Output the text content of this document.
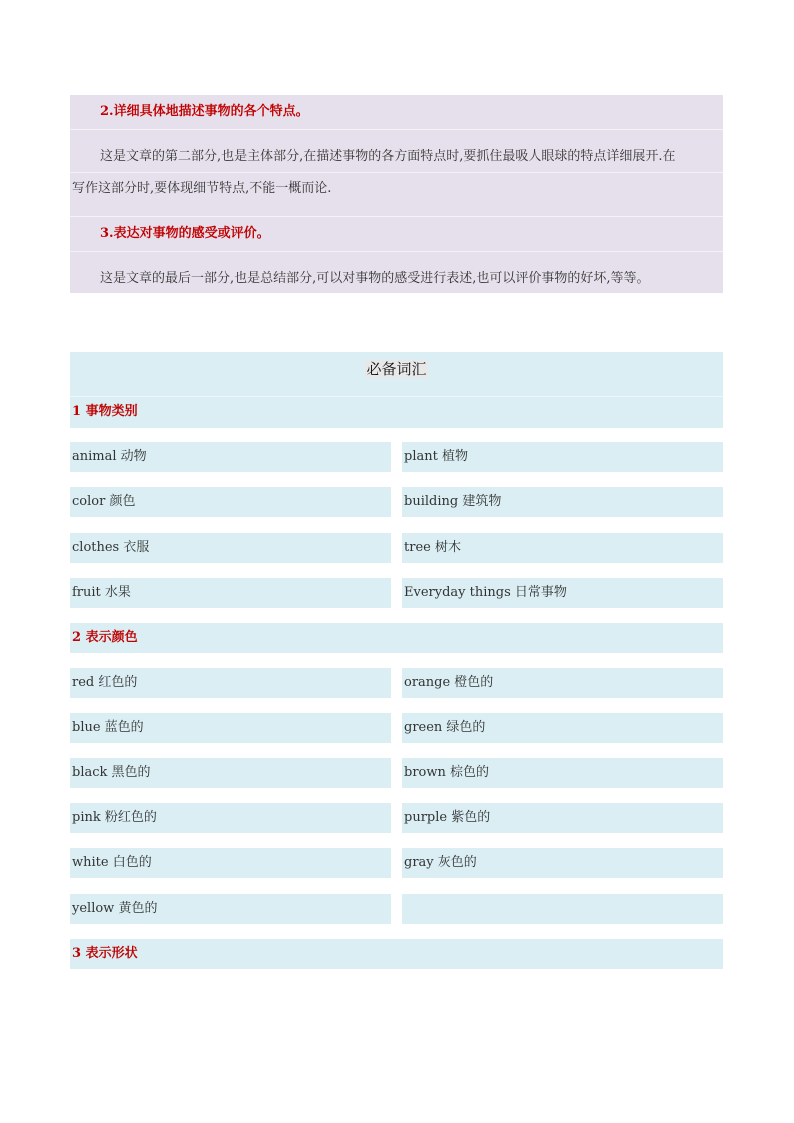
2.详细具体地描述事物的各个特点。
这是文章的第二部分,也是主体部分,在描述事物的各方面特点时,要抓住最吸人眼球的特点详细展开.在
写作这部分时,要体现细节特点,不能一概而论.
3.表达对事物的感受或评价。
这是文章的最后一部分,也是总结部分,可以对事物的感受进行表述,也可以评价事物的好坏,等等。
必备词汇
1 事物类别
animal 动物	plant 植物
color 颜色	building 建筑物
clothes 衣服	tree 树木
fruit 水果	Everyday things 日常事物
2 表示颜色
red 红色的	orange 橙色的
blue 蓝色的	green 绿色的
black 黑色的	brown 棕色的
pink 粉红色的	purple 紫色的
white 白色的	gray 灰色的
yellow 黄色的
3 表示形状
